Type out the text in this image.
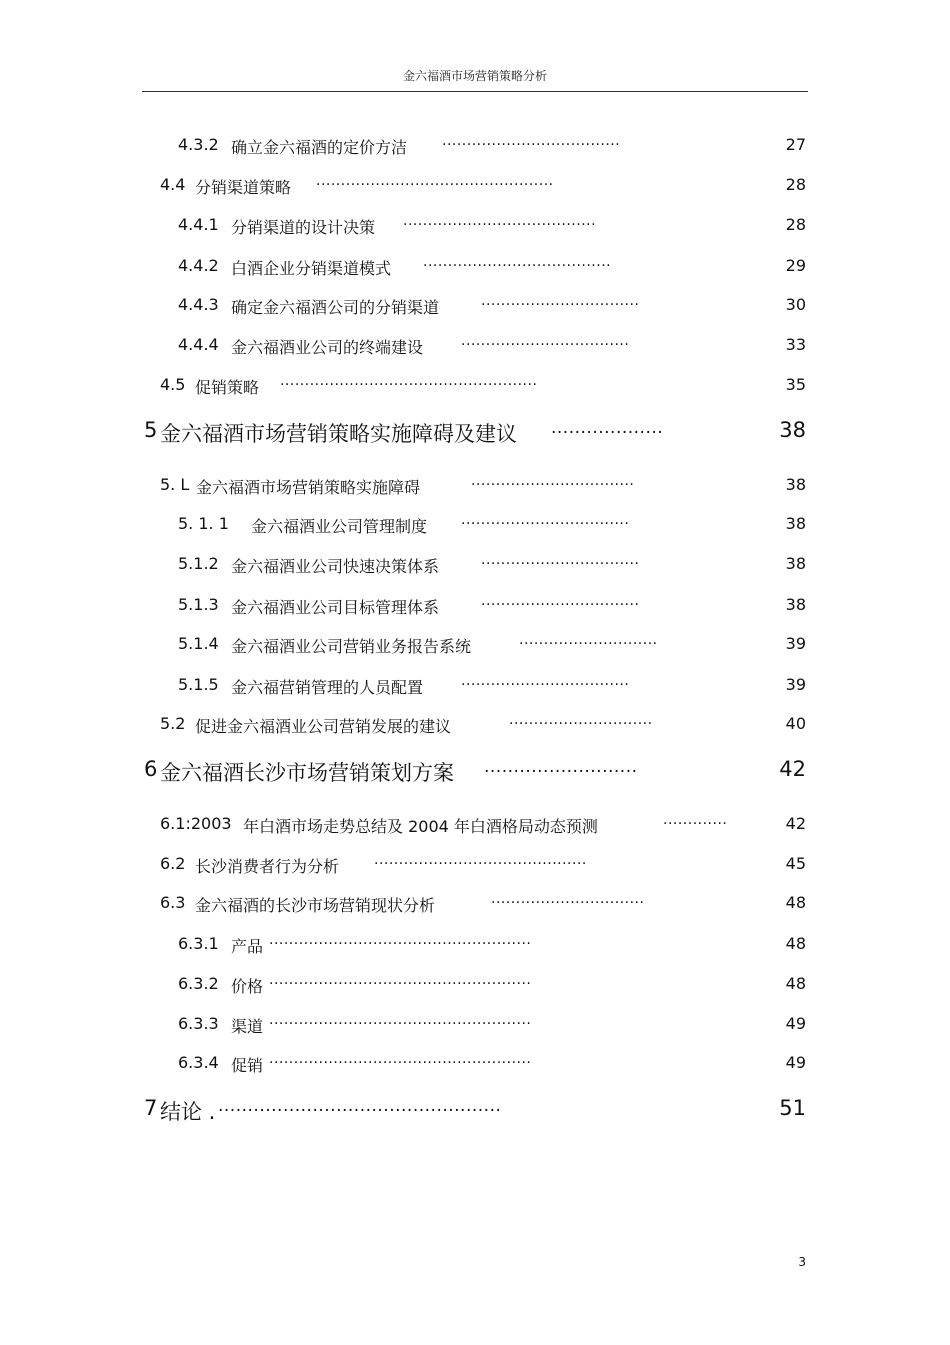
金六福酒市场营销策略分析
4.3.2 确立金六福酒的定价方洁 ....................................	27
4.4 分销渠道策略 ................................................	28
4.4.1 分销渠道的设计决策 .......................................	28
4.4.2 白酒企业分销渠道模式 ......................................	29
4.4.3 确定金六福酒公司的分销渠道	................................	30
4.4.4 金六福酒业公司的终端建设	..................................	33
4.5 促销策略 ....................................................	35
5 金六福酒市场营销策略实施障碍及建议 ...................	38
5. L 金六福酒市场营销策略实施障碍	.................................	38
5. 1. 1 金六福酒业公司管理制度 ..................................	38
5.1.2 金六福酒业公司快速决策体系	................................	38
5.1.3 金六福酒业公司目标管理体系	................................	38
5.1.4 金六福酒业公司营销业务报告系统	............................	39
5.1.5 金六福营销管理的人员配置	..................................	39
5.2 促进金六福酒业公司营销发展的建议	.............................	40
6 金六福酒长沙市场营销策划方案 ..........................	42
6.1:2003 年白酒市场走势总结及 2004 年白酒格局动态预测	.............	42
6.2 长沙消费者行为分析 ...........................................	45
6.3 金六福酒的长沙市场营销现状分析	...............................	48
6.3.1 产品 .....................................................	48
6.3.2 价格 .....................................................	48
6.3.3 渠道 .....................................................	49
6.3.4 促销 .....................................................	49
7 结论 . ................................................	51
3
